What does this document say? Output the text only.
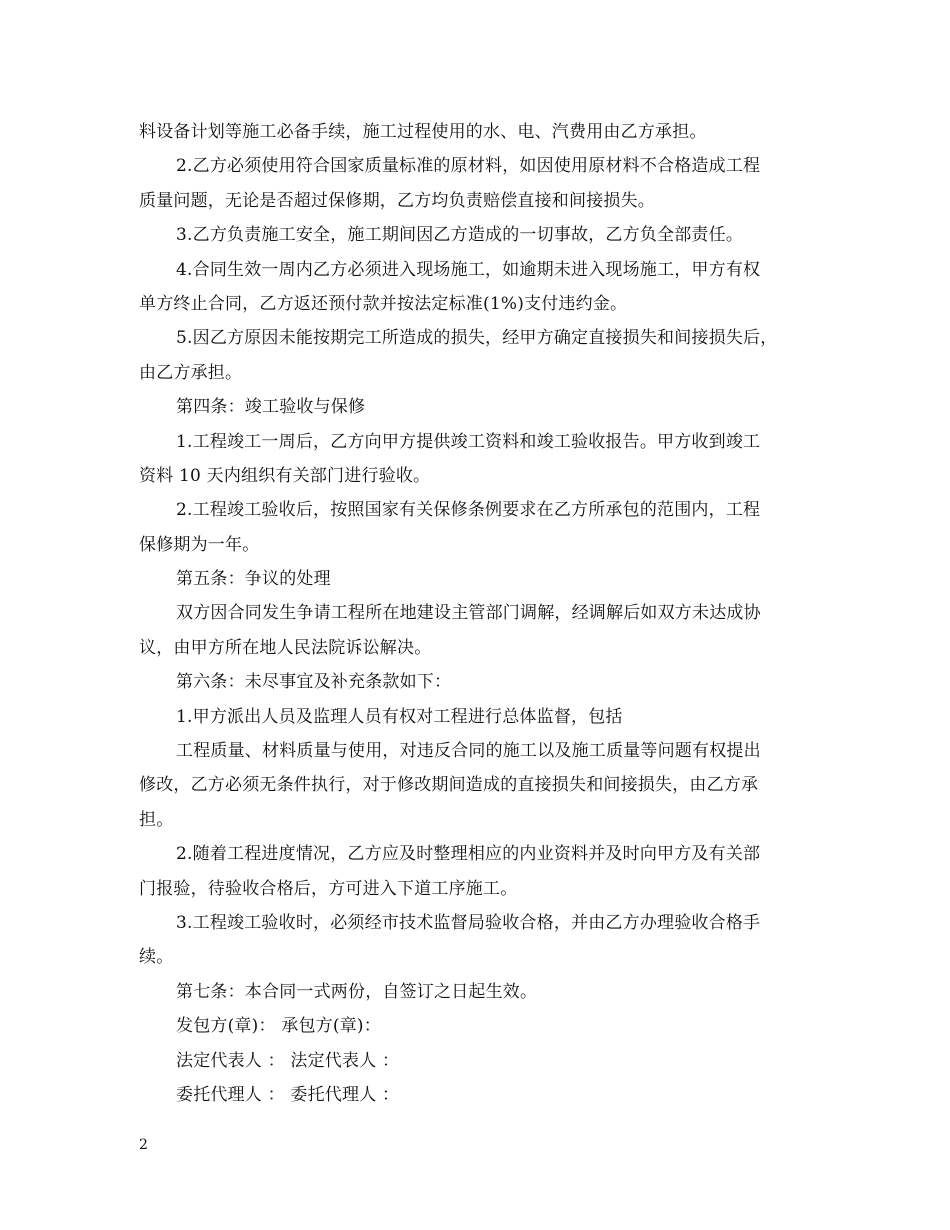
料设备计划等施工必备手续，施工过程使用的水、电、汽费用由乙方承担。
2.乙方必须使用符合国家质量标准的原材料，如因使用原材料不合格造成工程
质量问题，无论是否超过保修期，乙方均负责赔偿直接和间接损失。
3.乙方负责施工安全，施工期间因乙方造成的一切事故，乙方负全部责任。
4.合同生效一周内乙方必须进入现场施工，如逾期未进入现场施工，甲方有权
单方终止合同，乙方返还预付款并按法定标准(1%)支付违约金。
5.因乙方原因未能按期完工所造成的损失，经甲方确定直接损失和间接损失后，
由乙方承担。
第四条：竣工验收与保修
1.工程竣工一周后，乙方向甲方提供竣工资料和竣工验收报告。甲方收到竣工
资料 10 天内组织有关部门进行验收。
2.工程竣工验收后，按照国家有关保修条例要求在乙方所承包的范围内，工程
保修期为一年。
第五条：争议的处理
双方因合同发生争请工程所在地建设主管部门调解，经调解后如双方未达成协
议，由甲方所在地人民法院诉讼解决。
第六条：未尽事宜及补充条款如下：
1.甲方派出人员及监理人员有权对工程进行总体监督，包括
工程质量、材料质量与使用，对违反合同的施工以及施工质量等问题有权提出
修改，乙方必须无条件执行，对于修改期间造成的直接损失和间接损失，由乙方承
担。
2.随着工程进度情况，乙方应及时整理相应的内业资料并及时向甲方及有关部
门报验，待验收合格后，方可进入下道工序施工。
3.工程竣工验收时，必须经市技术监督局验收合格，并由乙方办理验收合格手
续。
第七条：本合同一式两份，自签订之日起生效。
发包方(章)： 承包方(章)：
法定代表人 ： 法定代表人 ：
委托代理人 ： 委托代理人 ：
2
